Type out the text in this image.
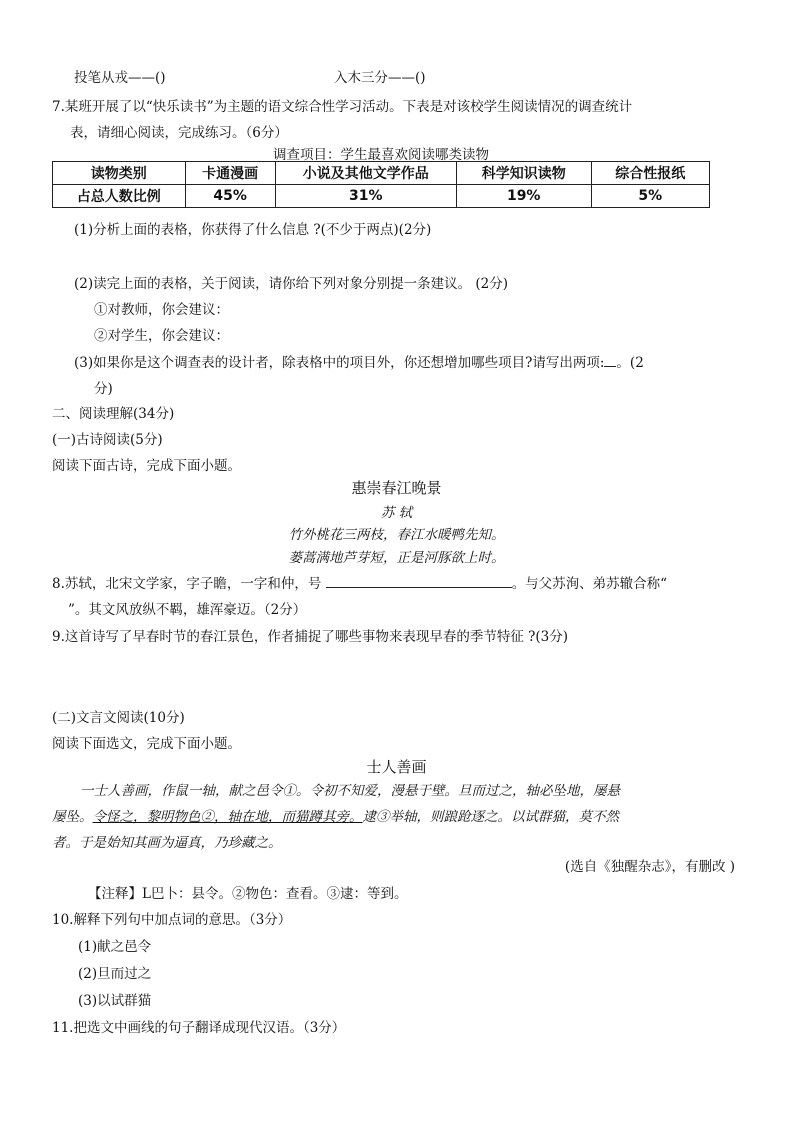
投笔从戎——()	入木三分——()
7.某班开展了以“快乐读书”为主题的语文综合性学习活动。下表是对该校学生阅读情况的调查统计
表，请细心阅读，完成练习。（6分）
调查项目：学生最喜欢阅读哪类读物
读物类别	卡通漫画	小说及其他文学作品	科学知识读物	综合性报纸
占总人数比例	45%	31%	19%	5%
(1)分析上面的表格，你获得了什么信息 ?(不少于两点)(2分)
(2)读完上面的表格，关于阅读，请你给下列对象分别提一条建议。 (2分)
①对教师，你会建议：
②对学生，你会建议：
(3)如果你是这个调查表的设计者，除表格中的项目外，你还想增加哪些项目?请写出两项: 。(2
分)
二、阅读理解(34分)
(一)古诗阅读(5分)
阅读下面古诗，完成下面小题。
惠崇春江晚景
苏 轼
竹外桃花三两枝，春江水暖鸭先知。
蒌蒿满地芦芽短，正是河豚欲上时。
8.苏轼，北宋文学家，字子瞻，一字和仲，号	。与父苏洵、弟苏辙合称“
”。其文风放纵不羁，雄浑豪迈。（2分）
9.这首诗写了早春时节的春江景色，作者捕捉了哪些事物来表现早春的季节特征 ?(3分)
(二)文言文阅读(10分)
阅读下面选文，完成下面小题。
士人善画
一士人善画，作鼠一轴，献之邑令①。令初不知爱，漫悬于壁。旦而过之，轴必坠地，屡悬
屡坠。令怪之，黎明物色②，轴在地，而猫蹲其旁。逮③举轴，则踉跄逐之。以试群猫，莫不然
者。于是始知其画为逼真，乃珍藏之。
(选自《独醒杂志》，有删改 )
【注释】L巴卜：县令。②物色：查看。③逮：等到。
10.解释下列句中加点词的意思。（3分）
(1)献之邑令
(2)旦而过之
(3)以试群猫
11.把选文中画线的句子翻译成现代汉语。（3分）
